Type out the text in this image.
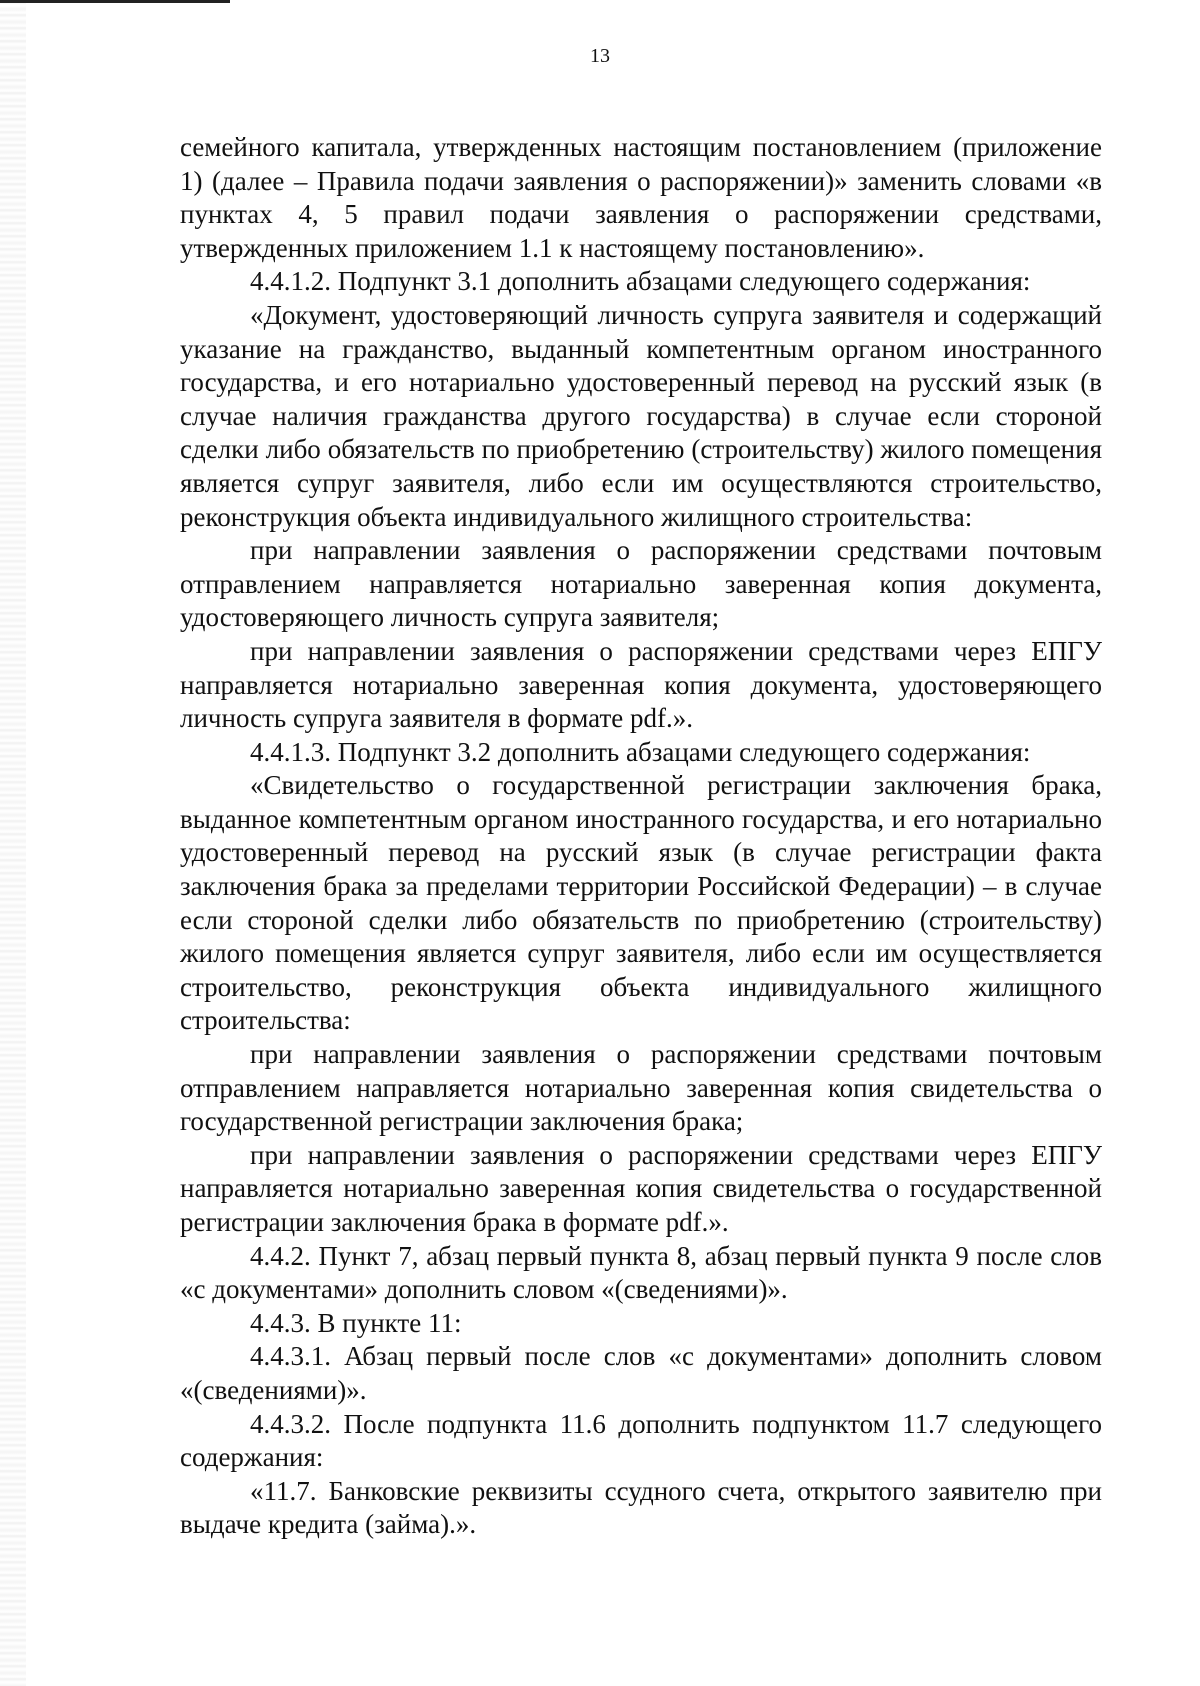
13

семейного капитала, утвержденных настоящим постановлением (приложение 1) (далее – Правила подачи заявления о распоряжении)» заменить словами «в пунктах 4, 5 правил подачи заявления о распоряжении средствами, утвержденных приложением 1.1 к настоящему постановлению».

4.4.1.2. Подпункт 3.1 дополнить абзацами следующего содержания:

«Документ, удостоверяющий личность супруга заявителя и содержащий указание на гражданство, выданный компетентным органом иностранного государства, и его нотариально удостоверенный перевод на русский язык (в случае наличия гражданства другого государства) в случае если стороной сделки либо обязательств по приобретению (строительству) жилого помещения является супруг заявителя, либо если им осуществляются строительство, реконструкция объекта индивидуального жилищного строительства:

при направлении заявления о распоряжении средствами почтовым отправлением направляется нотариально заверенная копия документа, удостоверяющего личность супруга заявителя;

при направлении заявления о распоряжении средствами через ЕПГУ направляется нотариально заверенная копия документа, удостоверяющего личность супруга заявителя в формате pdf.».

4.4.1.3. Подпункт 3.2 дополнить абзацами следующего содержания:

«Свидетельство о государственной регистрации заключения брака, выданное компетентным органом иностранного государства, и его нотариально удостоверенный перевод на русский язык (в случае регистрации факта заключения брака за пределами территории Российской Федерации) – в случае если стороной сделки либо обязательств по приобретению (строительству) жилого помещения является супруг заявителя, либо если им осуществляется строительство, реконструкция объекта индивидуального жилищного строительства:

при направлении заявления о распоряжении средствами почтовым отправлением направляется нотариально заверенная копия свидетельства о государственной регистрации заключения брака;

при направлении заявления о распоряжении средствами через ЕПГУ направляется нотариально заверенная копия свидетельства о государственной регистрации заключения брака в формате pdf.».

4.4.2. Пункт 7, абзац первый пункта 8, абзац первый пункта 9 после слов «с документами» дополнить словом «(сведениями)».

4.4.3. В пункте 11:

4.4.3.1. Абзац первый после слов «с документами» дополнить словом «(сведениями)».

4.4.3.2. После подпункта 11.6 дополнить подпунктом 11.7 следующего содержания:

«11.7. Банковские реквизиты ссудного счета, открытого заявителю при выдаче кредита (займа).».
